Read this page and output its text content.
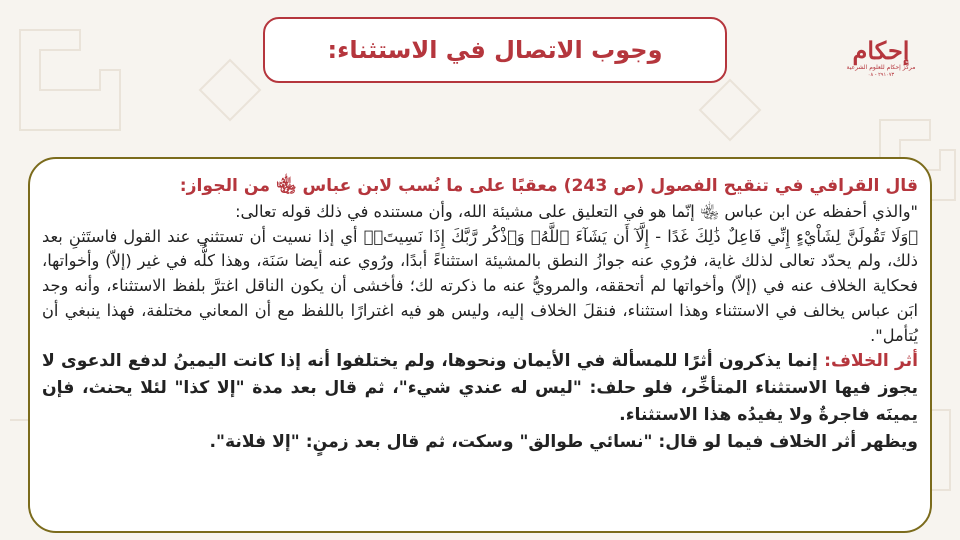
وجوب الاتصال في الاستثناء:	إحكام
مركز إحكام للعلوم الشرعية
۰۸ - ۲۹۱۰۷۳

قال القرافي في تنقيح الفصول (ص 243) معقبًا على ما نُسب لابن عباس ﵄ من الجواز:

"والذي أحفظه عن ابن عباس ﵄ إنّما هو في التعليق على مشيئة الله، وأن مستنده في ذلك قوله تعالى:

﴿وَلَا تَقُولَنَّ لِشَاْيْءٍ إِنِّي فَاعِلٌ ذَٰلِكَ غَدًا - إِلَّآ أَن يَشَآءَ ٱللَّهُۚ وَٱذْكُر رَّبَّكَ إِذَا نَسِيتَۚ﴾ أي إذا نسيت أن تستثني عند القول فاستَثنِ بعد ذلك، ولم يحدّد تعالى لذلك غاية، فرُوي عنه جوازُ النطق بالمشيئة استثناءً أبدًا، ورُوي عنه أيضا سَنَة، وهذا كلُّه في غير (إلاّ) وأخواتها، فحكاية الخلاف عنه في (إلاّ) وأخواتها لم أتحققه، والمرويُّ عنه ما ذكرته لك؛ فأخشى أن يكون الناقل اغترَّ بلفظ الاستثناء، وأنه وجد ابَن عباس يخالف في الاستثناء وهذا استثناء، فنقلَ الخلاف إليه، وليس هو فيه اغترارًا باللفظ مع أن المعاني مختلفة، فهذا ينبغي أن يُتأمل".

أثر الخلاف: إنما يذكرون أثرًا للمسألة في الأيمان ونحوها، ولم يختلفوا أنه إذا كانت اليمينُ لدفع الدعوى لا يجوز فيها الاستثناء المتأخِّر، فلو حلف: "ليس له عندي شيء"، ثم قال بعد مدة "إلا كذا" لئلا يحنث، فإن يمينَه فاجرةٌ ولا يفيدُه هذا الاستثناء.

ويظهر أثر الخلاف فيما لو قال: "نسائي طوالق" وسكت، ثم قال بعد زمنٍ: "إلا فلانة".
